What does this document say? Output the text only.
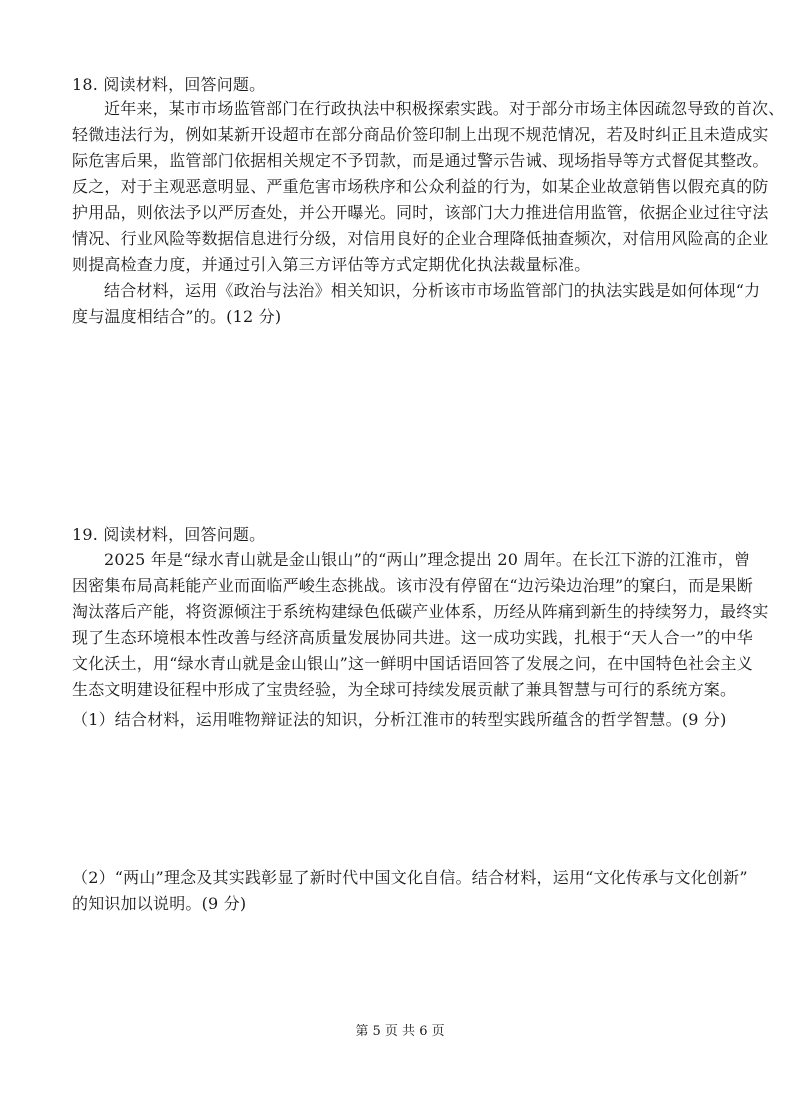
18. 阅读材料，回答问题。
近年来，某市市场监管部门在行政执法中积极探索实践。对于部分市场主体因疏忽导致的首次、
轻微违法行为，例如某新开设超市在部分商品价签印制上出现不规范情况，若及时纠正且未造成实
际危害后果，监管部门依据相关规定不予罚款，而是通过警示告诫、现场指导等方式督促其整改。
反之，对于主观恶意明显、严重危害市场秩序和公众利益的行为，如某企业故意销售以假充真的防
护用品，则依法予以严厉查处，并公开曝光。同时，该部门大力推进信用监管，依据企业过往守法
情况、行业风险等数据信息进行分级，对信用良好的企业合理降低抽查频次，对信用风险高的企业
则提高检查力度，并通过引入第三方评估等方式定期优化执法裁量标准。
结合材料，运用《政治与法治》相关知识，分析该市市场监管部门的执法实践是如何体现“力
度与温度相结合”的。(12 分)
19. 阅读材料，回答问题。
2025 年是“绿水青山就是金山银山”的“两山”理念提出 20 周年。在长江下游的江淮市，曾
因密集布局高耗能产业而面临严峻生态挑战。该市没有停留在“边污染边治理”的窠臼，而是果断
淘汰落后产能，将资源倾注于系统构建绿色低碳产业体系，历经从阵痛到新生的持续努力，最终实
现了生态环境根本性改善与经济高质量发展协同共进。这一成功实践，扎根于“天人合一”的中华
文化沃土，用“绿水青山就是金山银山”这一鲜明中国话语回答了发展之问，在中国特色社会主义
生态文明建设征程中形成了宝贵经验，为全球可持续发展贡献了兼具智慧与可行的系统方案。
（1）结合材料，运用唯物辩证法的知识，分析江淮市的转型实践所蕴含的哲学智慧。(9 分)
（2）“两山”理念及其实践彰显了新时代中国文化自信。结合材料，运用“文化传承与文化创新”
的知识加以说明。(9 分)
第 5 页 共 6 页
